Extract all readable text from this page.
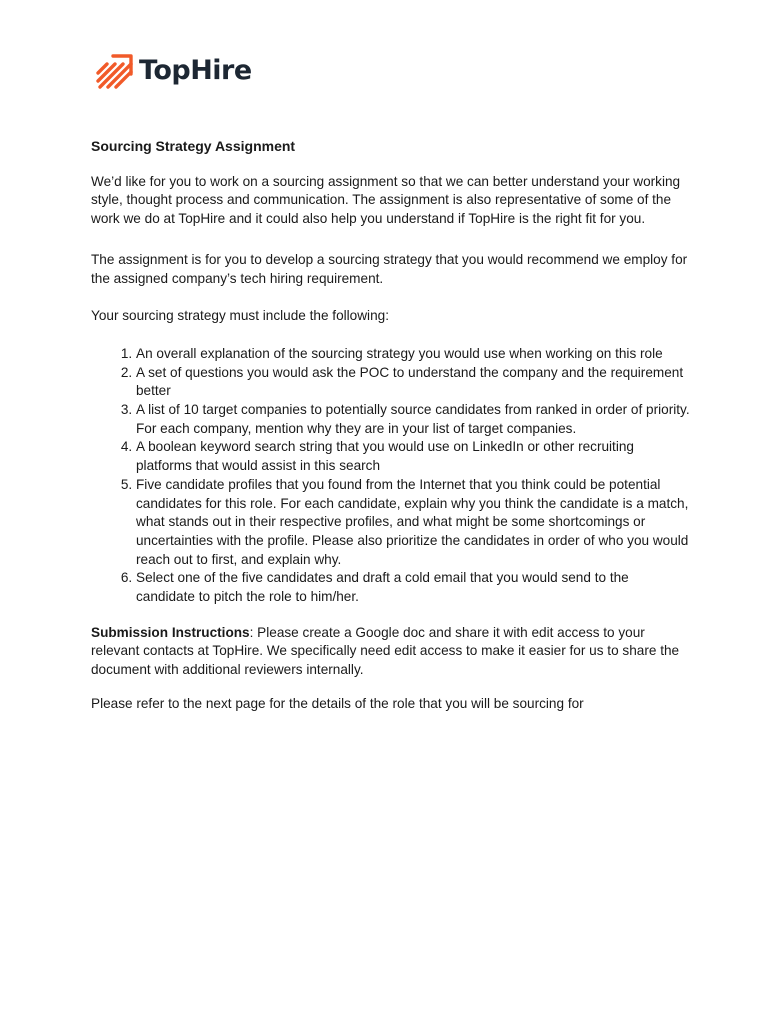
TopHire
Sourcing Strategy Assignment

We’d like for you to work on a sourcing assignment so that we can better understand your working style, thought process and communication. The assignment is also representative of some of the work we do at TopHire and it could also help you understand if TopHire is the right fit for you.

The assignment is for you to develop a sourcing strategy that you would recommend we employ for the assigned company’s tech hiring requirement.

Your sourcing strategy must include the following:

1. An overall explanation of the sourcing strategy you would use when working on this role
2. A set of questions you would ask the POC to understand the company and the requirement better
3. A list of 10 target companies to potentially source candidates from ranked in order of priority. For each company, mention why they are in your list of target companies.
4. A boolean keyword search string that you would use on LinkedIn or other recruiting platforms that would assist in this search
5. Five candidate profiles that you found from the Internet that you think could be potential candidates for this role. For each candidate, explain why you think the candidate is a match, what stands out in their respective profiles, and what might be some shortcomings or uncertainties with the profile. Please also prioritize the candidates in order of who you would reach out to first, and explain why.
6. Select one of the five candidates and draft a cold email that you would send to the candidate to pitch the role to him/her.

Submission Instructions: Please create a Google doc and share it with edit access to your relevant contacts at TopHire. We specifically need edit access to make it easier for us to share the document with additional reviewers internally.

Please refer to the next page for the details of the role that you will be sourcing for
